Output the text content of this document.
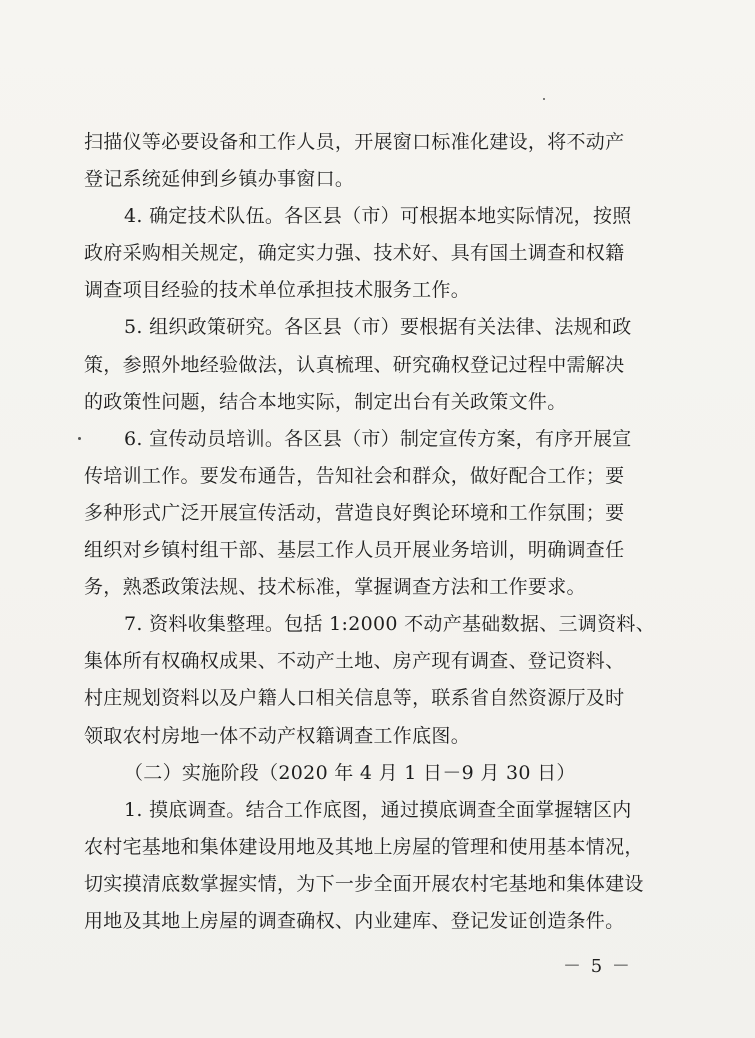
扫描仪等必要设备和工作人员，开展窗口标准化建设，将不动产
登记系统延伸到乡镇办事窗口。
4. 确定技术队伍。各区县（市）可根据本地实际情况，按照
政府采购相关规定，确定实力强、技术好、具有国土调查和权籍
调查项目经验的技术单位承担技术服务工作。
5. 组织政策研究。各区县（市）要根据有关法律、法规和政
策，参照外地经验做法，认真梳理、研究确权登记过程中需解决
的政策性问题，结合本地实际，制定出台有关政策文件。
6. 宣传动员培训。各区县（市）制定宣传方案，有序开展宣
传培训工作。要发布通告，告知社会和群众，做好配合工作；要
多种形式广泛开展宣传活动，营造良好舆论环境和工作氛围；要
组织对乡镇村组干部、基层工作人员开展业务培训，明确调查任
务，熟悉政策法规、技术标准，掌握调查方法和工作要求。
7. 资料收集整理。包括 1:2000 不动产基础数据、三调资料、
集体所有权确权成果、不动产土地、房产现有调查、登记资料、
村庄规划资料以及户籍人口相关信息等，联系省自然资源厅及时
领取农村房地一体不动产权籍调查工作底图。
（二）实施阶段（2020 年 4 月 1 日－9 月 30 日）
1. 摸底调查。结合工作底图，通过摸底调查全面掌握辖区内
农村宅基地和集体建设用地及其地上房屋的管理和使用基本情况，
切实摸清底数掌握实情，为下一步全面开展农村宅基地和集体建设
用地及其地上房屋的调查确权、内业建库、登记发证创造条件。
－ 5 －
